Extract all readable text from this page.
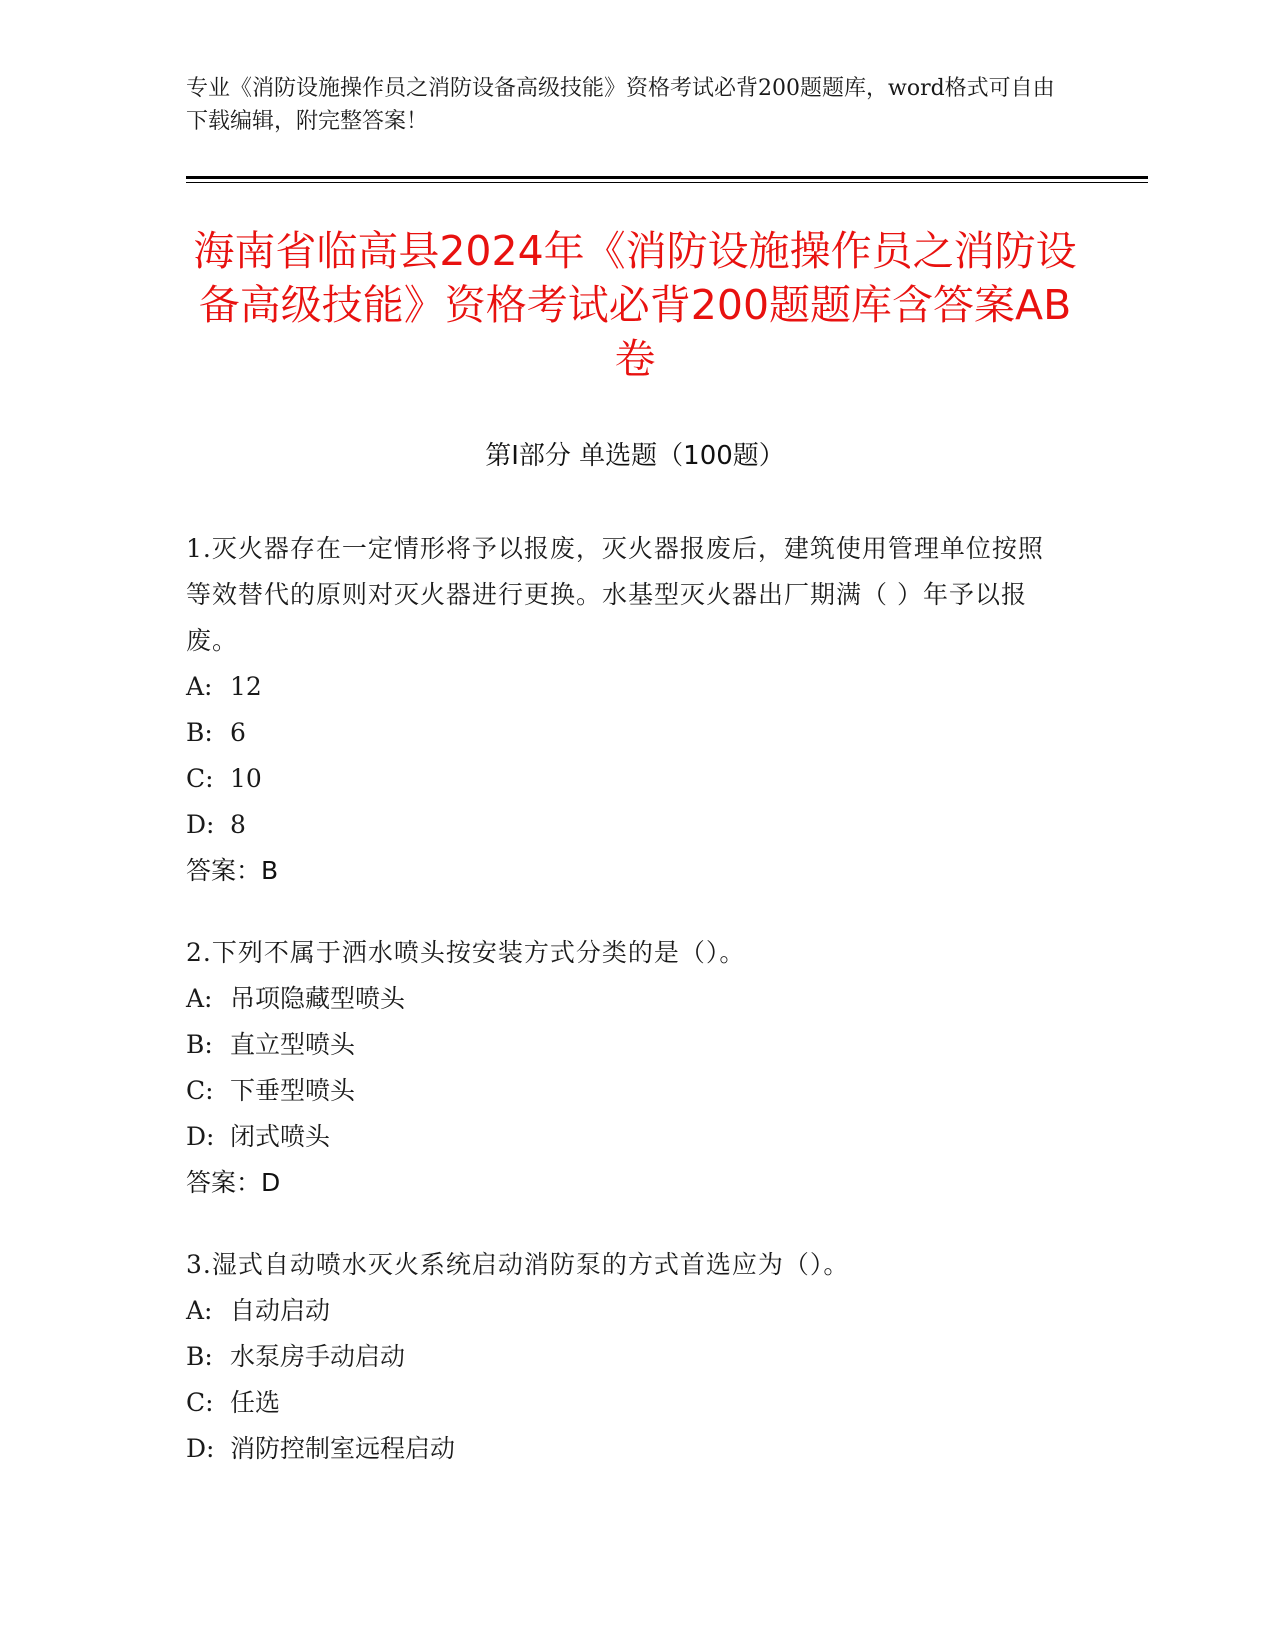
专业《消防设施操作员之消防设备高级技能》资格考试必背200题题库，word格式可自由下载编辑，附完整答案！
海南省临高县2024年《消防设施操作员之消防设备高级技能》资格考试必背200题题库含答案AB卷
第Ⅰ部分 单选题（100题）
1.灭火器存在一定情形将予以报废，灭火器报废后，建筑使用管理单位按照等效替代的原则对灭火器进行更换。水基型灭火器出厂期满（ ）年予以报废。
A: 12
B: 6
C: 10
D: 8
答案：B
2.下列不属于洒水喷头按安装方式分类的是（）。
A: 吊项隐藏型喷头
B: 直立型喷头
C: 下垂型喷头
D: 闭式喷头
答案：D
3.湿式自动喷水灭火系统启动消防泵的方式首选应为（）。
A: 自动启动
B: 水泵房手动启动
C: 任选
D: 消防控制室远程启动
